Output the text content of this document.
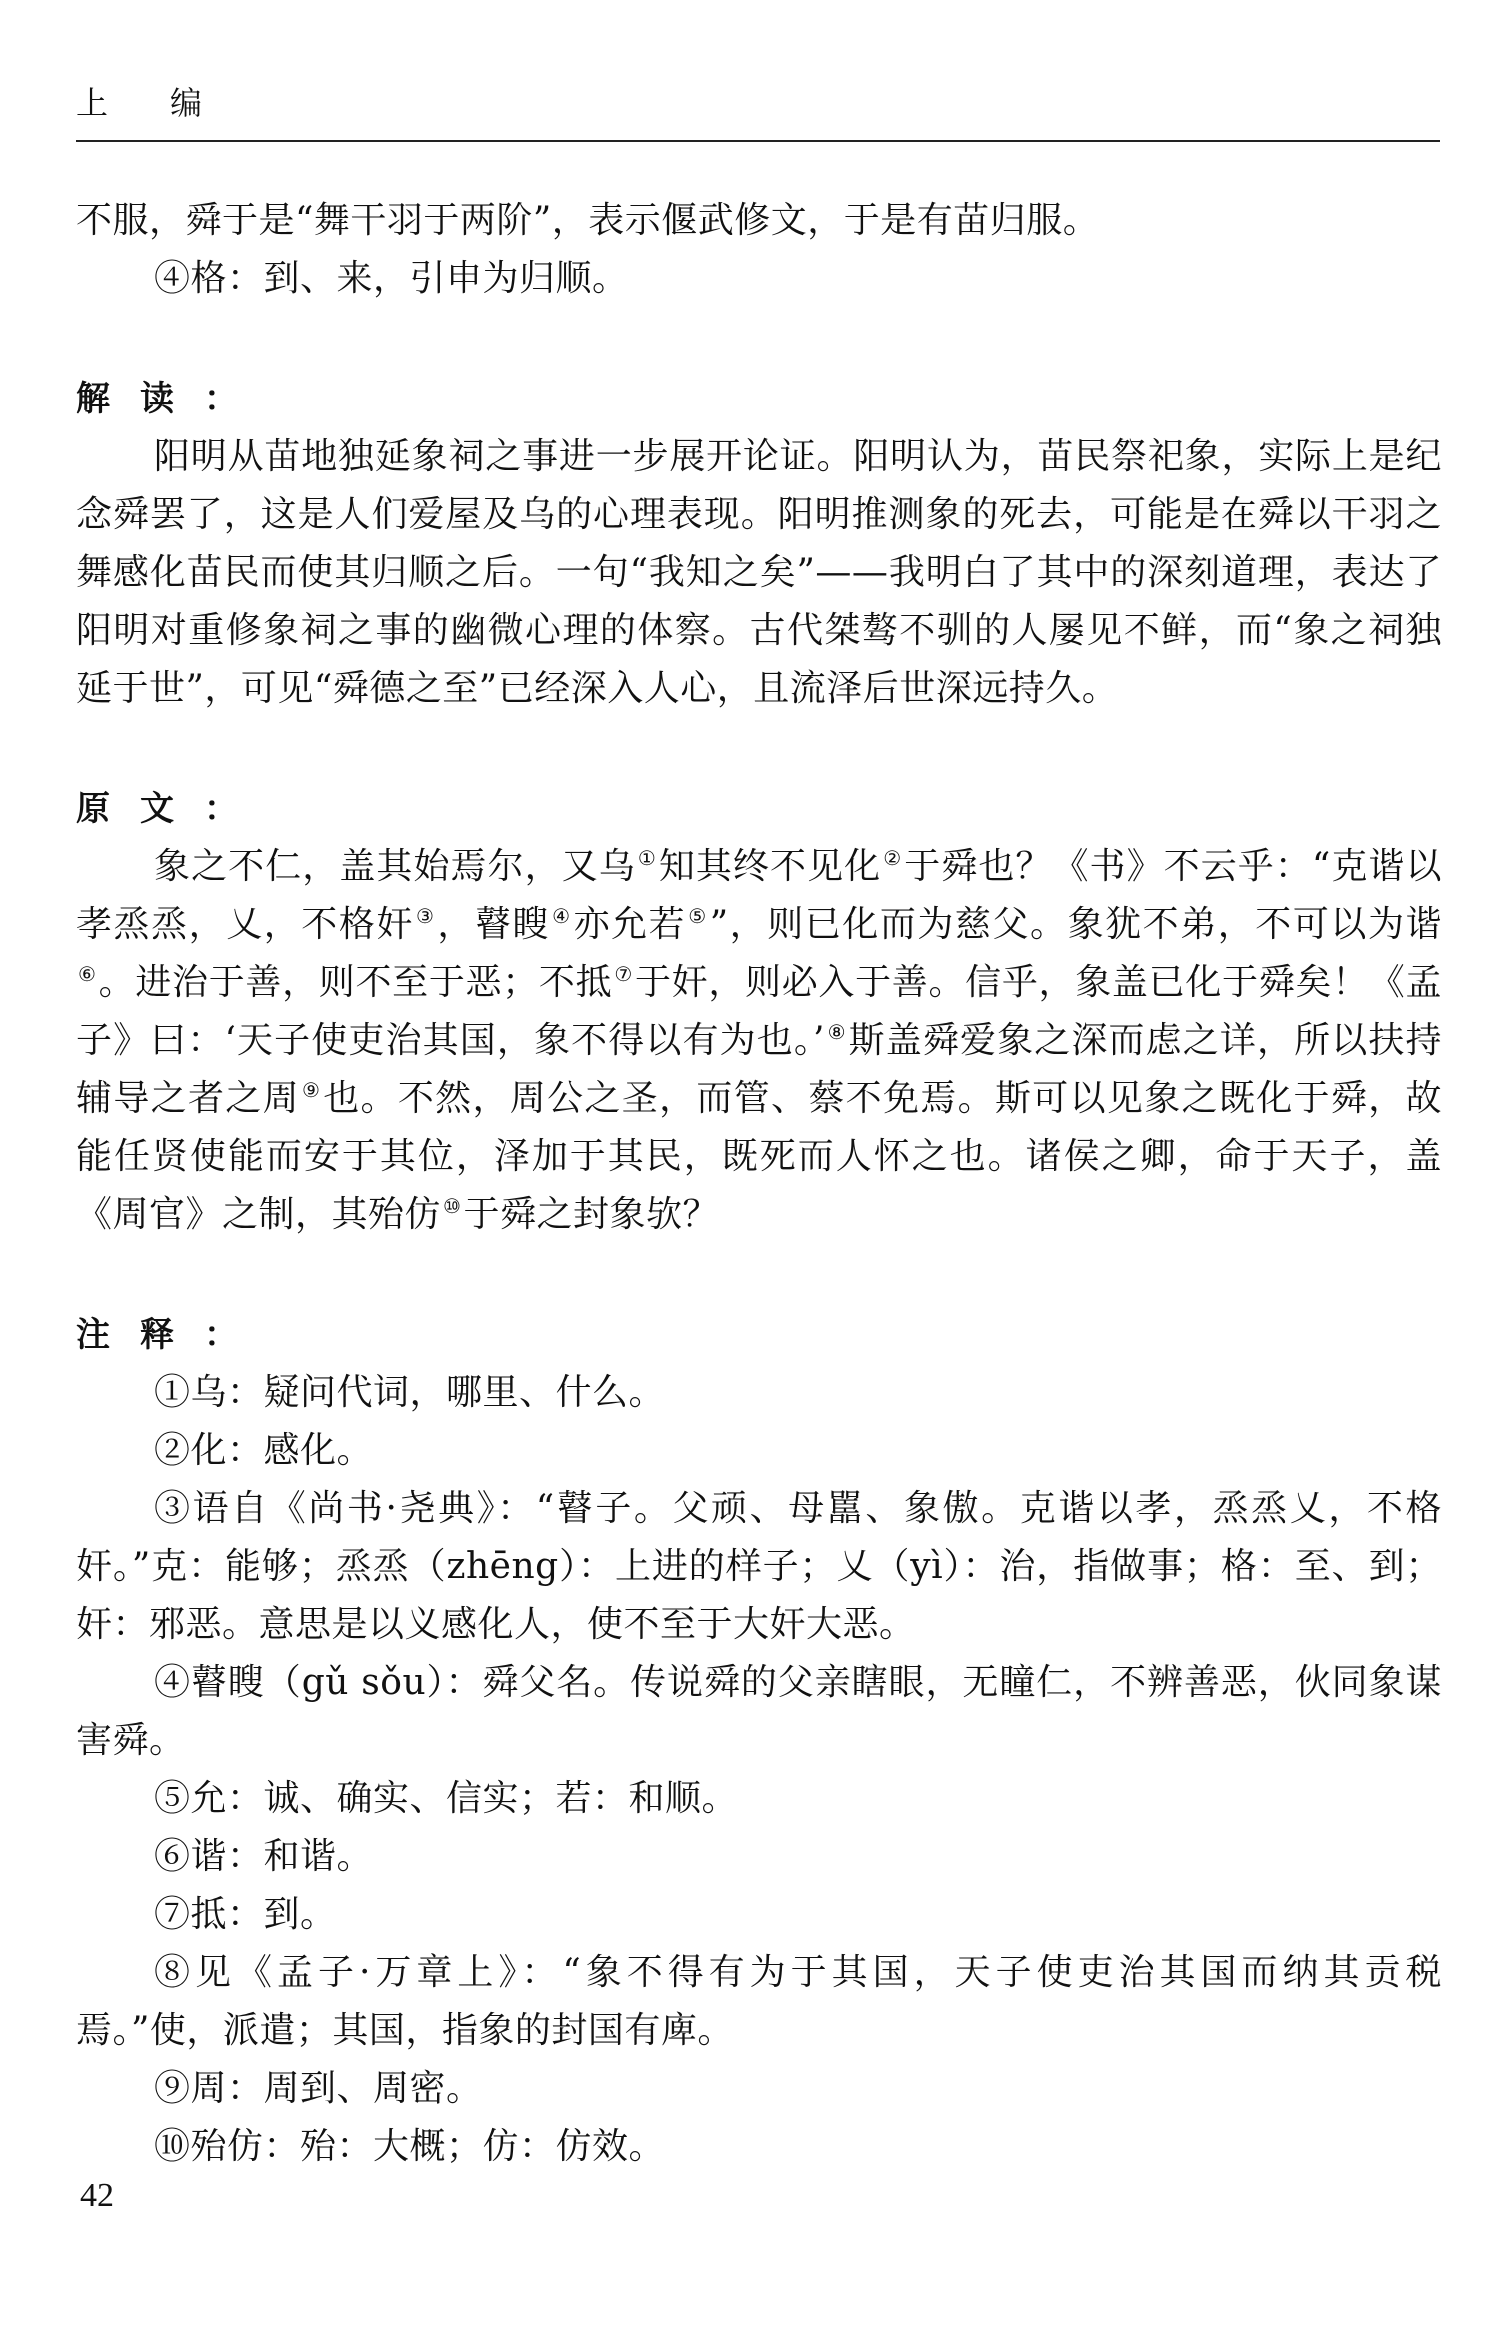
上 编

不服，舜于是“舞干羽于两阶”，表示偃武修文，于是有苗归服。

④格：到、来，引申为归顺。

解读：

阳明从苗地独延象祠之事进一步展开论证。阳明认为，苗民祭祀象，实际上是纪念舜罢了，这是人们爱屋及乌的心理表现。阳明推测象的死去，可能是在舜以干羽之舞感化苗民而使其归顺之后。一句“我知之矣”——我明白了其中的深刻道理，表达了阳明对重修象祠之事的幽微心理的体察。古代桀骜不驯的人屡见不鲜，而“象之祠独延于世”，可见“舜德之至”已经深入人心，且流泽后世深远持久。

原文：

象之不仁，盖其始焉尔，又乌 ①知其终不见化 ②于舜也？《书》不云乎：“克谐以孝烝烝，乂，不格奸 ③，瞽瞍 ④亦允若 ⑤”，则已化而为慈父。象犹不弟，不可以为谐⑥。进治于善，则不至于恶；不抵 ⑦于奸，则必入于善。信乎，象盖已化于舜矣！《孟子》曰：‘天子使吏治其国，象不得以有为也。’ ⑧斯盖舜爱象之深而虑之详，所以扶持辅导之者之周 ⑨也。不然，周公之圣，而管、蔡不免焉。斯可以见象之既化于舜，故能任贤使能而安于其位，泽加于其民，既死而人怀之也。诸侯之卿，命于天子，盖《周官》之制，其殆仿 ⑩于舜之封象欤？

注释：

①乌：疑问代词，哪里、什么。

②化：感化。

③语自《尚书·尧典》：“瞽子。父顽、母嚚、象傲。克谐以孝，烝烝乂，不格奸。”克：能够；烝烝（zhēng）：上进的样子；乂（yì）：治，指做事；格：至、到；奸：邪恶。意思是以义感化人，使不至于大奸大恶。

④瞽瞍（gǔ sǒu）：舜父名。传说舜的父亲瞎眼，无瞳仁，不辨善恶，伙同象谋害舜。

⑤允：诚、确实、信实；若：和顺。

⑥谐：和谐。

⑦抵：到。

⑧见《孟子·万章上》：“象不得有为于其国，天子使吏治其国而纳其贡税焉。”使，派遣；其国，指象的封国有庳。

⑨周：周到、周密。

⑩殆仿：殆：大概；仿：仿效。

42
